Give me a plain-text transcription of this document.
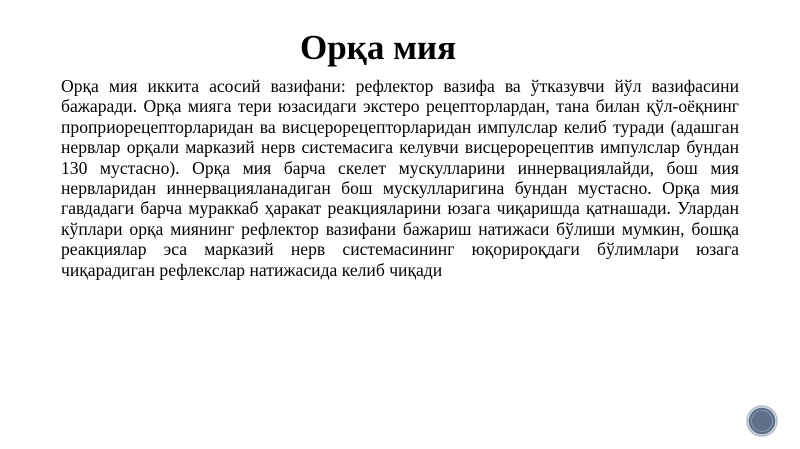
Орқа мия

Орқа мия иккита асосий вазифани: рефлектор вазифа ва ўтказувчи йўл вазифасини бажаради. Орқа мияга тери юзасидаги экстеро рецепторлардан, тана билан қўл-оёқнинг проприорецепторларидан ва висцерорецепторларидан импулслар келиб туради (адашган нервлар орқали марказий нерв системасига келувчи висцерорецептив импулслар бундан 130 мустасно). Орқа мия барча скелет мускулларини иннервациялайди, бош мия нервларидан иннервацияланадиган бош мускулларигина бундан мустасно. Орқа мия гавдадаги барча мураккаб ҳаракат реакцияларини юзага чиқаришда қатнашади. Улардан кўплари орқа миянинг рефлектор вазифани бажариш натижаси бўлиши мумкин, бошқа реакциялар эса марказий нерв системасининг юқорироқдаги бўлимлари юзага чиқарадиган рефлекслар натижасида келиб чиқади
